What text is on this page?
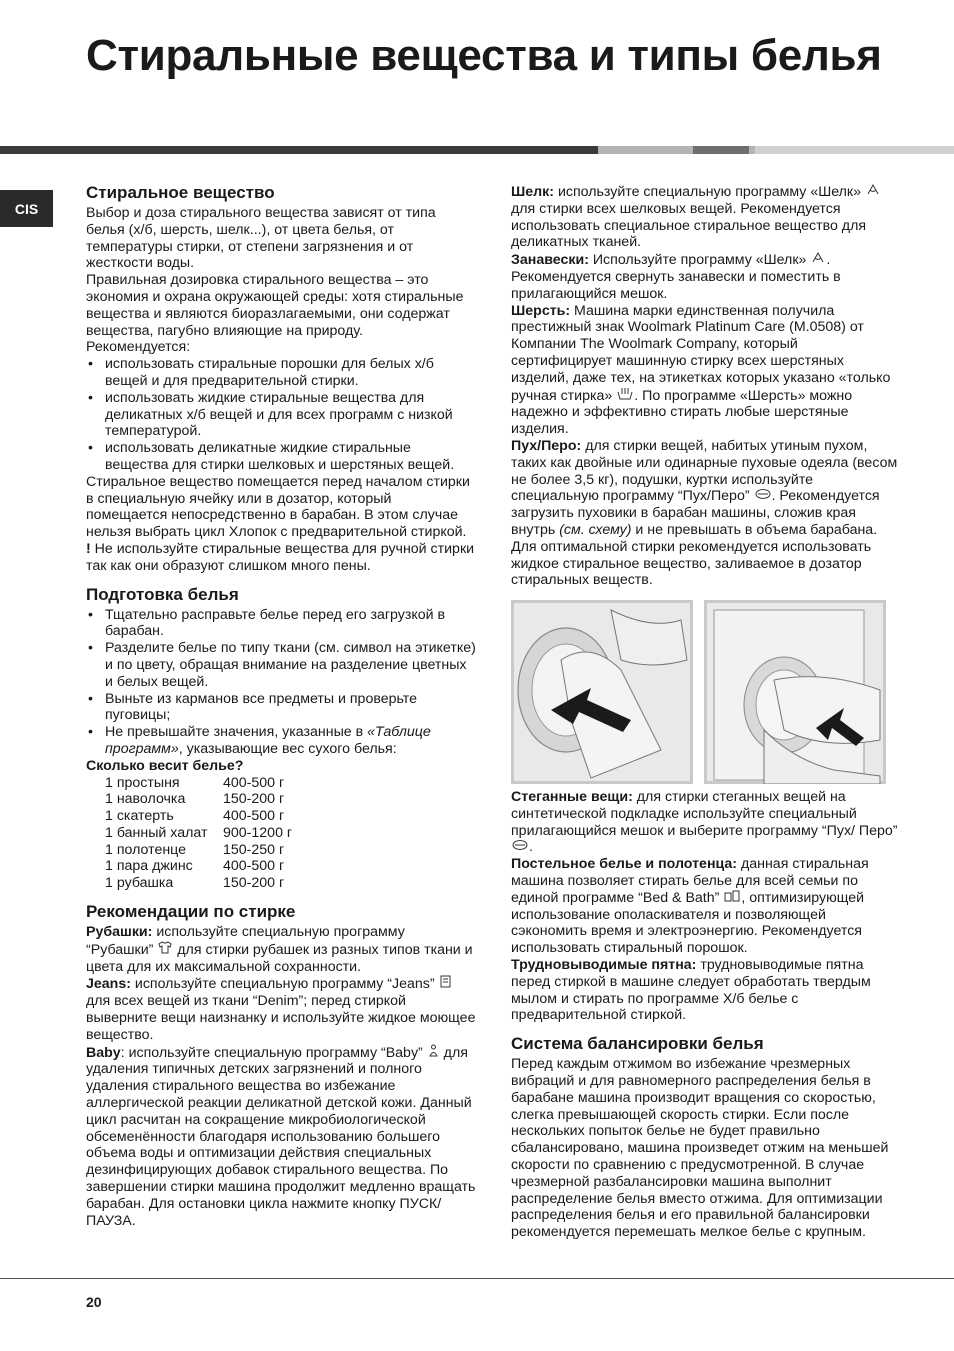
Стиральные вещества и типы белья
CIS
Стиральное вещество

Выбор и доза стирального вещества зависят от типа белья (х/б, шерсть, шелк...), от цвета белья, от температуры стирки, от степени загрязнения и от жесткости воды.

Правильная дозировка стирального вещества – это экономия и охрана окружающей среды: хотя стиральные вещества и являются биоразлагаемыми, они содержат вещества, пагубно влияющие на природу.

Рекомендуется:

• использовать стиральные порошки для белых х/б вещей и для предварительной стирки.
• использовать жидкие стиральные вещества для деликатных х/б вещей и для всех программ с низкой температурой.
• использовать деликатные жидкие стиральные вещества для стирки шелковых и шерстяных вещей.

Стиральное вещество помещается перед началом стирки в специальную ячейку или в дозатор, который помещается непосредственно в барабан. В этом случае нельзя выбрать цикл Хлопок с предварительной стиркой.

! Не используйте стиральные вещества для ручной стирки так как они образуют слишком много пены.

Подготовка белья
• Тщательно расправьте белье перед его загрузкой в барабан.
• Разделите белье по типу ткани (см. символ на этикетке) и по цвету, обращая внимание на разделение цветных и белых вещей.
• Выньте из карманов все предметы и проверьте пуговицы;
• Не превышайте значения, указанные в «Таблице программ», указывающие вес сухого белья:

Сколько весит белье?

1 простыня	400-500 г
1 наволочка	150-200 г
1 скатерть	400-500 г
1 банный халат	900-1200 г
1 полотенце	150-250 г
1 пара джинс	400-500 г
1 рубашка	150-200 г
Рекомендации по стирке

Рубашки: используйте специальную программу “Рубашки”  для стирки рубашек из разных типов ткани и цвета для их максимальной сохранности.

Jeans: используйте специальную программу “Jeans”  для всех вещей из ткани “Denim”; перед стиркой выверните вещи наизнанку и используйте жидкое моющее вещество.

Baby: используйте специальную программу “Baby”  для удаления типичных детских загрязнений и полного удаления стирального вещества во избежание аллергической реакции деликатной детской кожи. Данный цикл расчитан на сокращение микробиологической обсеменённости благодаря использованию большего объема воды и оптимизации действия специальных дезинфицирующих добавок стирального вещества. По завершении стирки машина продолжит медленно вращать барабан. Для остановки цикла нажмите кнопку ПУСК/ПАУЗА.

Шелк: используйте специальную программу «Шелк»  для стирки всех шелковых вещей. Рекомендуется использовать специальное стиральное вещество для деликатных тканей.

Занавески: Используйте программу «Шелк» . Рекомендуется свернуть занавески и поместить в прилагающийся мешок.

Шерсть: Машина марки единственная получила престижный знак Woolmark Platinum Care (M.0508) от Компании The Woolmark Company, который сертифицирует машинную стирку всех шерстяных изделий, даже тех, на этикетках которых указано «только ручная стирка» . По программе «Шерсть» можно надежно и эффективно стирать любые шерстяные изделия.

Пух/Перо: для стирки вещей, набитых утиным пухом, таких как двойные или одинарные пуховые одеяла (весом не более 3,5 кг), подушки, куртки используйте специальную программу “Пух/Перо” . Рекомендуется загрузить пуховики в барабан машины, сложив края внутрь (см. схему) и не превышать в объема барабана. Для оптимальной стирки рекомендуется использовать жидкое стиральное вещество, заливаемое в дозатор стиральных веществ.

Стеганные вещи: для стирки стеганных вещей на синтетической подкладке используйте специальный прилагающийся мешок и выберите программу “Пух/ Перо” .

Постельное белье и полотенца: данная стиральная машина позволяет стирать белье для всей семьи по единой программе “Bed & Bath” , оптимизирующей использование ополаскивателя и позволяющей сэкономить время и электроэнергию. Рекомендуется использовать стиральный порошок.

Трудновыводимые пятна: трудновыводимые пятна перед стиркой в машине следует обработать твердым мылом и стирать по программе Х/б белье с предварительной стиркой.

Система балансировки белья

Перед каждым отжимом во избежание чрезмерных вибраций и для равномерного распределения белья в барабане машина производит вращения со скоростью, слегка превышающей скорость стирки. Если после нескольких попыток белье не будет правильно сбалансировано, машина произведет отжим на меньшей скорости по сравнению с предусмотренной. В случае чрезмерной разбалансировки машина выполнит распределение белья вместо отжима. Для оптимизации распределения белья и его правильной балансировки рекомендуется перемешать мелкое белье с крупным.

20
